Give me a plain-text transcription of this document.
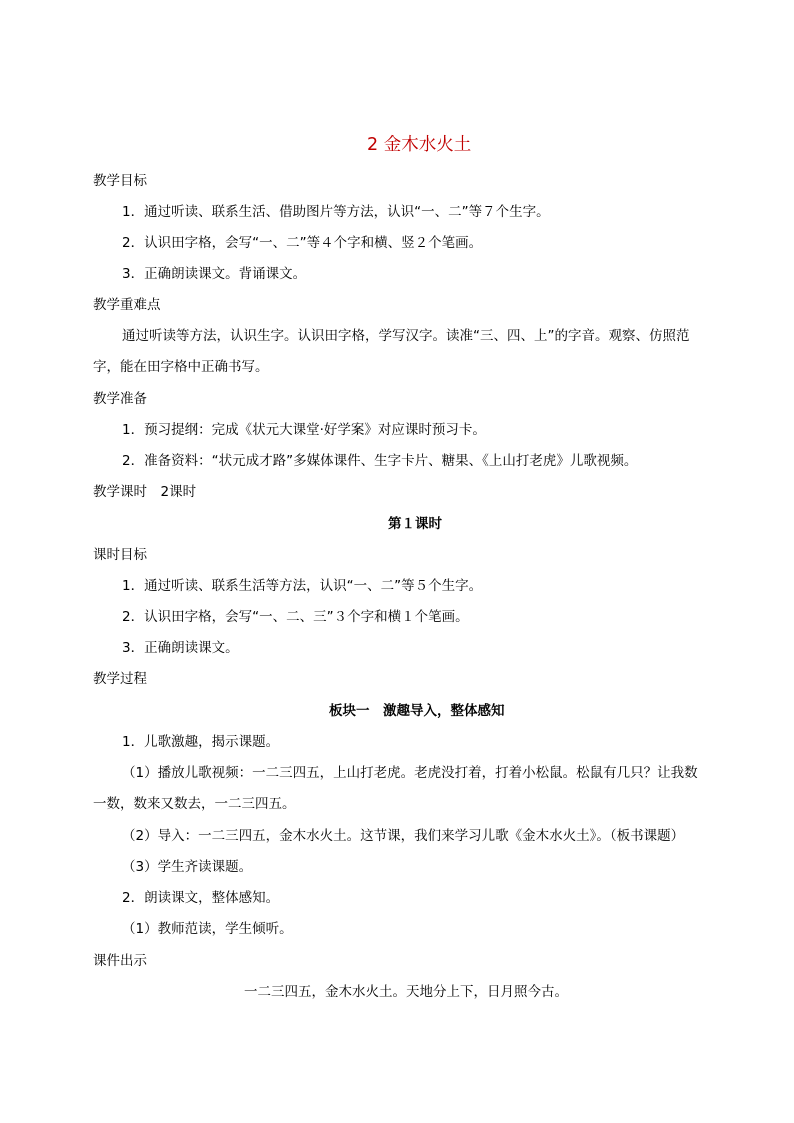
2 金木水火土
教学目标
1．通过听读、联系生活、借助图片等方法，认识“一、二”等７个生字。
2．认识田字格，会写“一、二”等４个字和横、竖２个笔画。
3．正确朗读课文。背诵课文。
教学重难点
通过听读等方法，认识生字。认识田字格，学写汉字。读准“三、四、上”的字音。观察、仿照范
字，能在田字格中正确书写。
教学准备
1．预习提纲：完成《状元大课堂·好学案》对应课时预习卡。
2．准备资料：“状元成才路”多媒体课件、生字卡片、糖果、《上山打老虎》儿歌视频。
教学课时　2课时
第１课时
课时目标
1．通过听读、联系生活等方法，认识“一、二”等５个生字。
2．认识田字格，会写“一、二、三”３个字和横１个笔画。
3．正确朗读课文。
教学过程
板块一　激趣导入，整体感知
1．儿歌激趣，揭示课题。
（1）播放儿歌视频：一二三四五，上山打老虎。老虎没打着，打着小松鼠。松鼠有几只？让我数
一数，数来又数去，一二三四五。
（2）导入：一二三四五，金木水火土。这节课，我们来学习儿歌《金木水火土》。（板书课题）
（3）学生齐读课题。
2．朗读课文，整体感知。
（1）教师范读，学生倾听。
课件出示
一二三四五，金木水火土。天地分上下，日月照今古。
